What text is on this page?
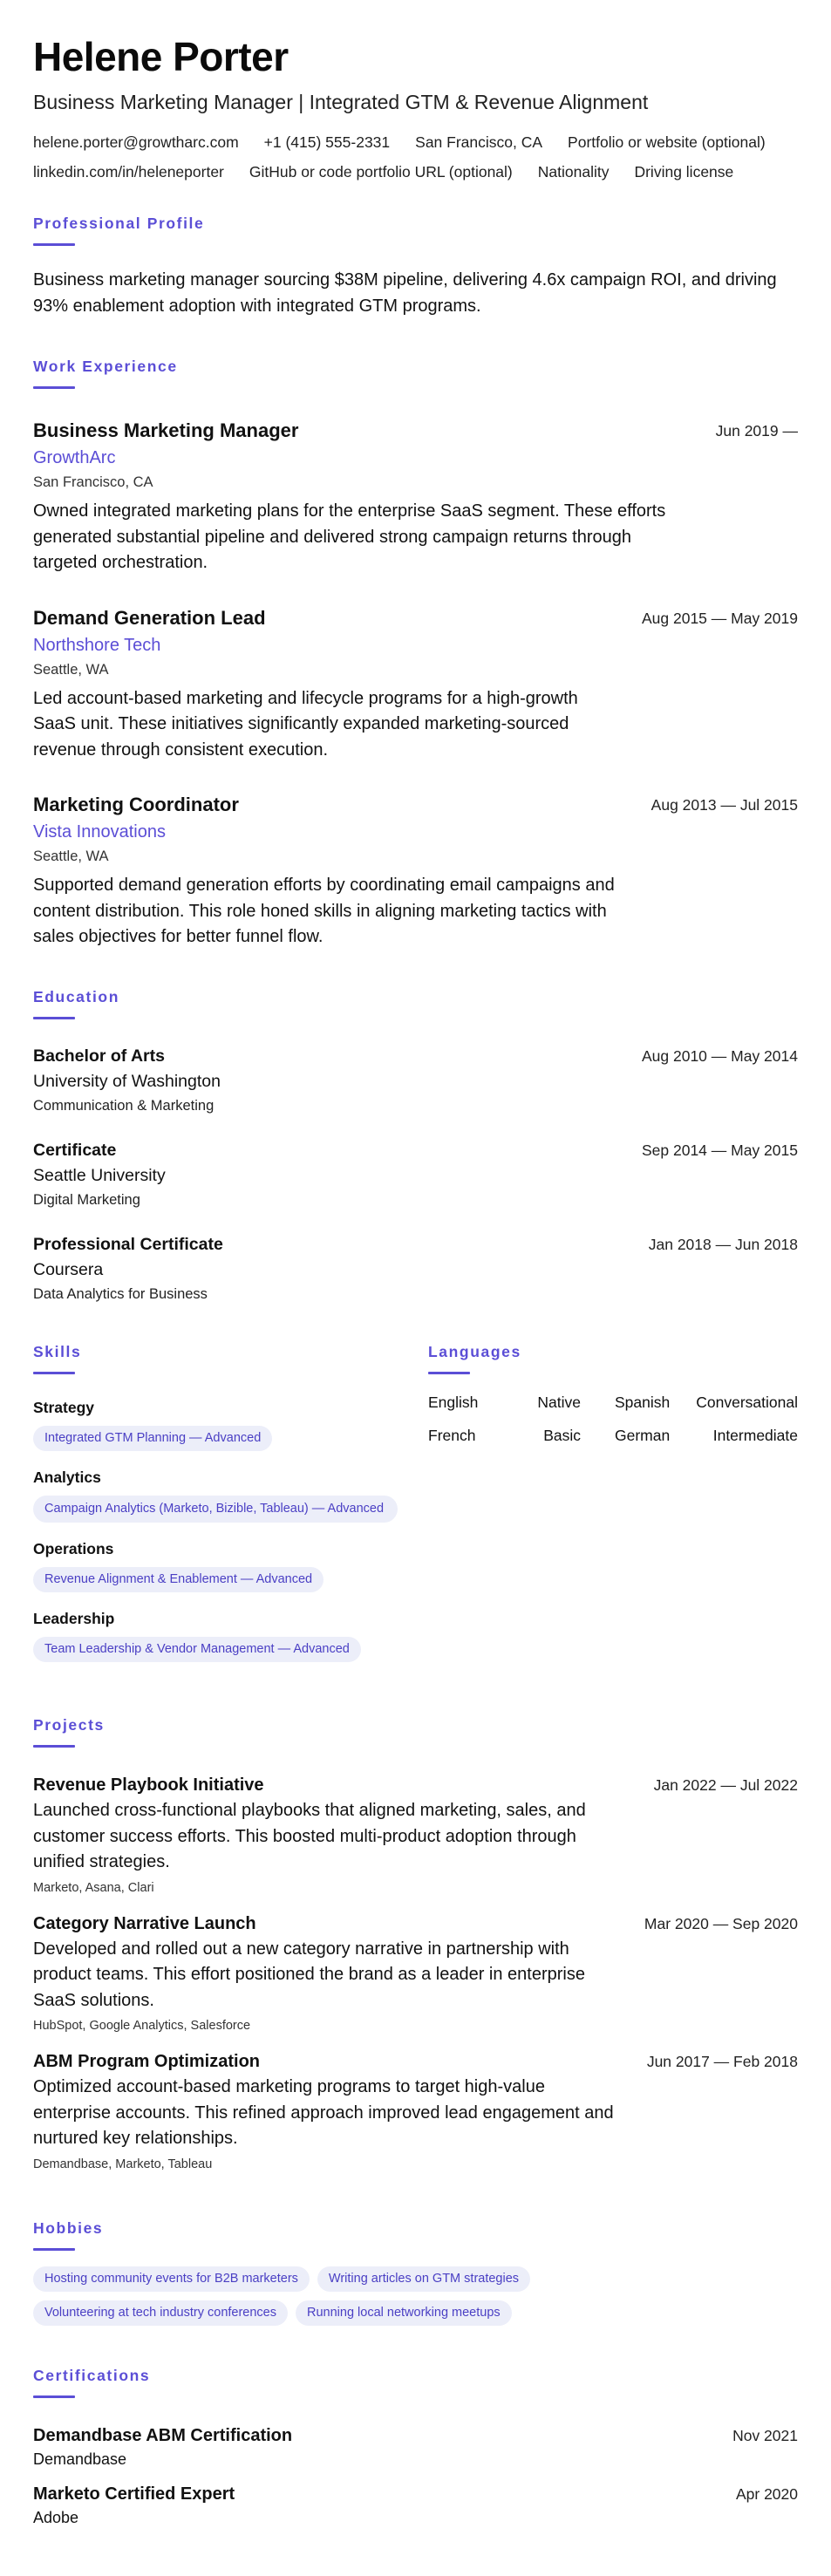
Helene Porter
Business Marketing Manager | Integrated GTM & Revenue Alignment
helene.porter@growtharc.com +1 (415) 555-2331 San Francisco, CA Portfolio or website (optional)
linkedin.com/in/heleneporter GitHub or code portfolio URL (optional) Nationality Driving license
Professional Profile
Business marketing manager sourcing $38M pipeline, delivering 4.6x campaign ROI, and driving 93% enablement adoption with integrated GTM programs.
Work Experience
Business Marketing Manager	Jun 2019 —
GrowthArc
San Francisco, CA
Owned integrated marketing plans for the enterprise SaaS segment. These efforts generated substantial pipeline and delivered strong campaign returns through targeted orchestration.
Demand Generation Lead	Aug 2015 — May 2019
Northshore Tech
Seattle, WA
Led account-based marketing and lifecycle programs for a high-growth SaaS unit. These initiatives significantly expanded marketing-sourced revenue through consistent execution.
Marketing Coordinator	Aug 2013 — Jul 2015
Vista Innovations
Seattle, WA
Supported demand generation efforts by coordinating email campaigns and content distribution. This role honed skills in aligning marketing tactics with sales objectives for better funnel flow.
Education
Bachelor of Arts	Aug 2010 — May 2014
University of Washington
Communication & Marketing
Certificate	Sep 2014 — May 2015
Seattle University
Digital Marketing
Professional Certificate	Jan 2018 — Jun 2018
Coursera
Data Analytics for Business
Skills
Strategy
Integrated GTM Planning — Advanced
Analytics
Campaign Analytics (Marketo, Bizible, Tableau) — Advanced
Operations
Revenue Alignment & Enablement — Advanced
Leadership
Team Leadership & Vendor Management — Advanced
Languages
English	Native Spanish Conversational
French	Basic German	Intermediate
Projects
Revenue Playbook Initiative	Jan 2022 — Jul 2022
Launched cross-functional playbooks that aligned marketing, sales, and customer success efforts. This boosted multi-product adoption through unified strategies.
Marketo, Asana, Clari
Category Narrative Launch	Mar 2020 — Sep 2020
Developed and rolled out a new category narrative in partnership with product teams. This effort positioned the brand as a leader in enterprise SaaS solutions.
HubSpot, Google Analytics, Salesforce
ABM Program Optimization	Jun 2017 — Feb 2018
Optimized account-based marketing programs to target high-value enterprise accounts. This refined approach improved lead engagement and nurtured key relationships.
Demandbase, Marketo, Tableau
Hobbies
Hosting community events for B2B marketers	Writing articles on GTM strategies
Volunteering at tech industry conferences	Running local networking meetups
Certifications
Demandbase ABM Certification	Nov 2021
Demandbase
Marketo Certified Expert	Apr 2020
Adobe
